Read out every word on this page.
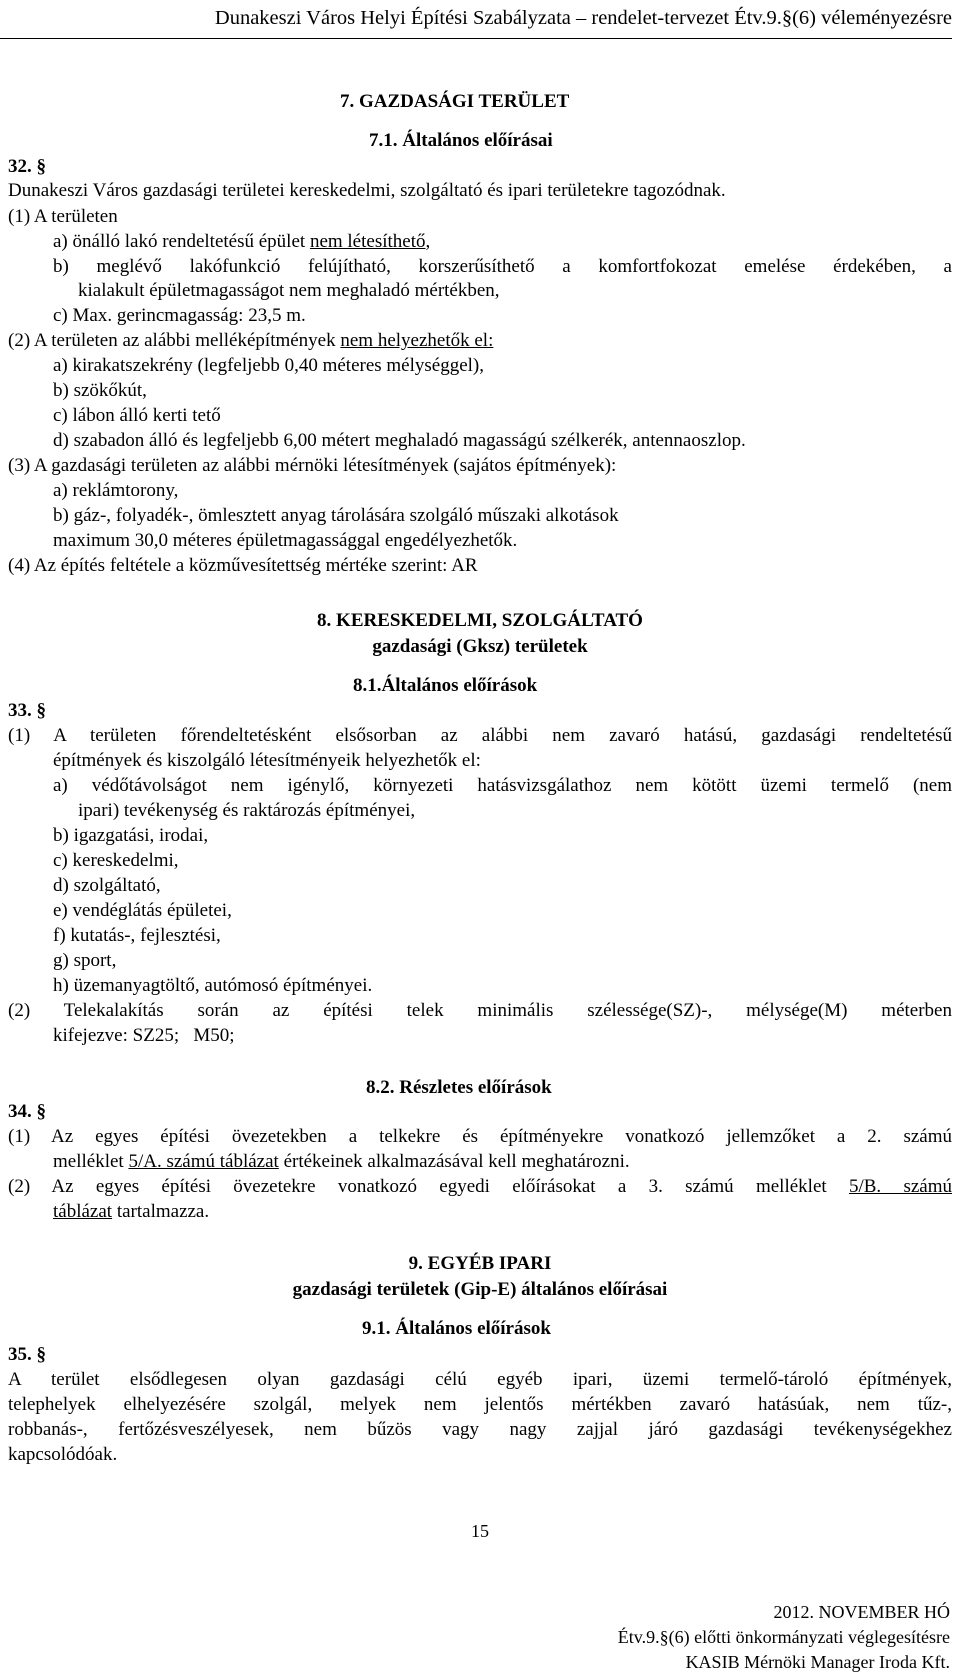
Dunakeszi Város Helyi Építési Szabályzata – rendelet-tervezet Étv.9.§(6) véleményezésre
7. GAZDASÁGI TERÜLET
7.1. Általános előírásai
32. §
Dunakeszi Város gazdasági területei kereskedelmi, szolgáltató és ipari területekre tagozódnak.
(1) A területen
a) önálló lakó rendeltetésű épület nem létesíthető,
b) meglévő lakófunkció felújítható, korszerűsíthető a komfortfokozat emelése érdekében, a
kialakult épületmagasságot nem meghaladó mértékben,
c) Max. gerincmagasság: 23,5 m.
(2) A területen az alábbi melléképítmények nem helyezhetők el:
a) kirakatszekrény (legfeljebb 0,40 méteres mélységgel),
b) szökőkút,
c) lábon álló kerti tető
d) szabadon álló és legfeljebb 6,00 métert meghaladó magasságú szélkerék, antennaoszlop.
(3) A gazdasági területen az alábbi mérnöki létesítmények (sajátos építmények):
a) reklámtorony,
b) gáz-, folyadék-, ömlesztett anyag tárolására szolgáló műszaki alkotások
maximum 30,0 méteres épületmagassággal engedélyezhetők.
(4) Az építés feltétele a közművesítettség mértéke szerint: AR
8. KERESKEDELMI, SZOLGÁLTATÓ
gazdasági (Gksz) területek
8.1.Általános előírások
33. §
(1) A területen főrendeltetésként elsősorban az alábbi nem zavaró hatású, gazdasági rendeltetésű
építmények és kiszolgáló létesítményeik helyezhetők el:
a) védőtávolságot nem igénylő, környezeti hatásvizsgálathoz nem kötött üzemi termelő (nem
ipari) tevékenység és raktározás építményei,
b) igazgatási, irodai,
c) kereskedelmi,
d) szolgáltató,
e) vendéglátás épületei,
f) kutatás-, fejlesztési,
g) sport,
h) üzemanyagtöltő, autómosó építményei.
(2) Telekalakítás során az építési telek minimális szélessége(SZ)-, mélysége(M) méterben
kifejezve: SZ25;   M50;
8.2. Részletes előírások
34. §
(1) Az egyes építési övezetekben a telkekre és építményekre vonatkozó jellemzőket a 2. számú
melléklet 5/A. számú táblázat értékeinek alkalmazásával kell meghatározni.
(2) Az egyes építési övezetekre vonatkozó egyedi előírásokat a 3. számú melléklet 5/B. számú
táblázat tartalmazza.
9. EGYÉB IPARI
gazdasági területek (Gip-E) általános előírásai
9.1. Általános előírások
35. §
A terület elsődlegesen olyan gazdasági célú egyéb ipari, üzemi termelő-tároló építmények,
telephelyek elhelyezésére szolgál, melyek nem jelentős mértékben zavaró hatásúak, nem tűz-,
robbanás-, fertőzésveszélyesek, nem bűzös vagy nagy zajjal járó gazdasági tevékenységekhez
kapcsolódóak.
15
2012. NOVEMBER HÓ
Étv.9.§(6) előtti önkormányzati véglegesítésre
KASIB Mérnöki Manager Iroda Kft.
